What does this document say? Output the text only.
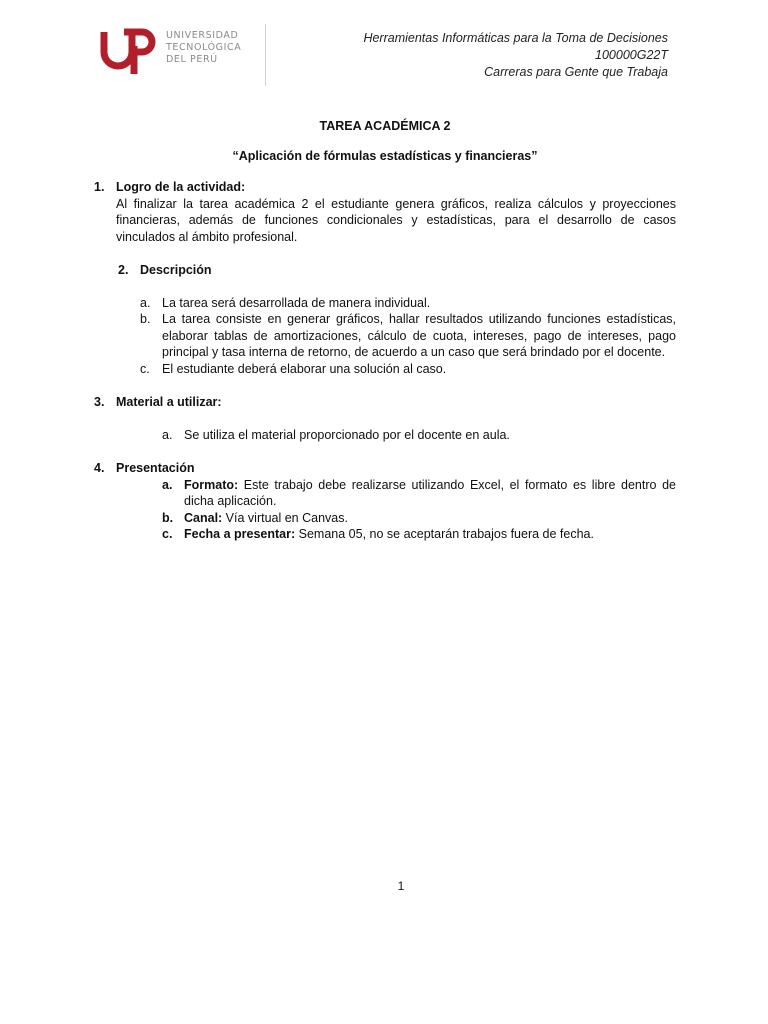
UNIVERSIDAD
TECNOLÓGICA
DEL PERÚ
Herramientas Informáticas para la Toma de Decisiones
100000G22T
Carreras para Gente que Trabaja
TAREA ACADÉMICA 2
“Aplicación de fórmulas estadísticas y financieras”
1. Logro de la actividad:
Al finalizar la tarea académica 2 el estudiante genera gráficos, realiza cálculos y proyecciones financieras, además de funciones condicionales y estadísticas, para el desarrollo de casos vinculados al ámbito profesional.
2. Descripción
a. La tarea será desarrollada de manera individual.
b. La tarea consiste en generar gráficos, hallar resultados utilizando funciones estadísticas, elaborar tablas de amortizaciones, cálculo de cuota, intereses, pago de intereses, pago principal y tasa interna de retorno, de acuerdo a un caso que será brindado por el docente.
c. El estudiante deberá elaborar una solución al caso.
3. Material a utilizar:
a. Se utiliza el material proporcionado por el docente en aula.
4. Presentación
a. Formato: Este trabajo debe realizarse utilizando Excel, el formato es libre dentro de dicha aplicación.
b. Canal: Vía virtual en Canvas.
c. Fecha a presentar: Semana 05, no se aceptarán trabajos fuera de fecha.
1
